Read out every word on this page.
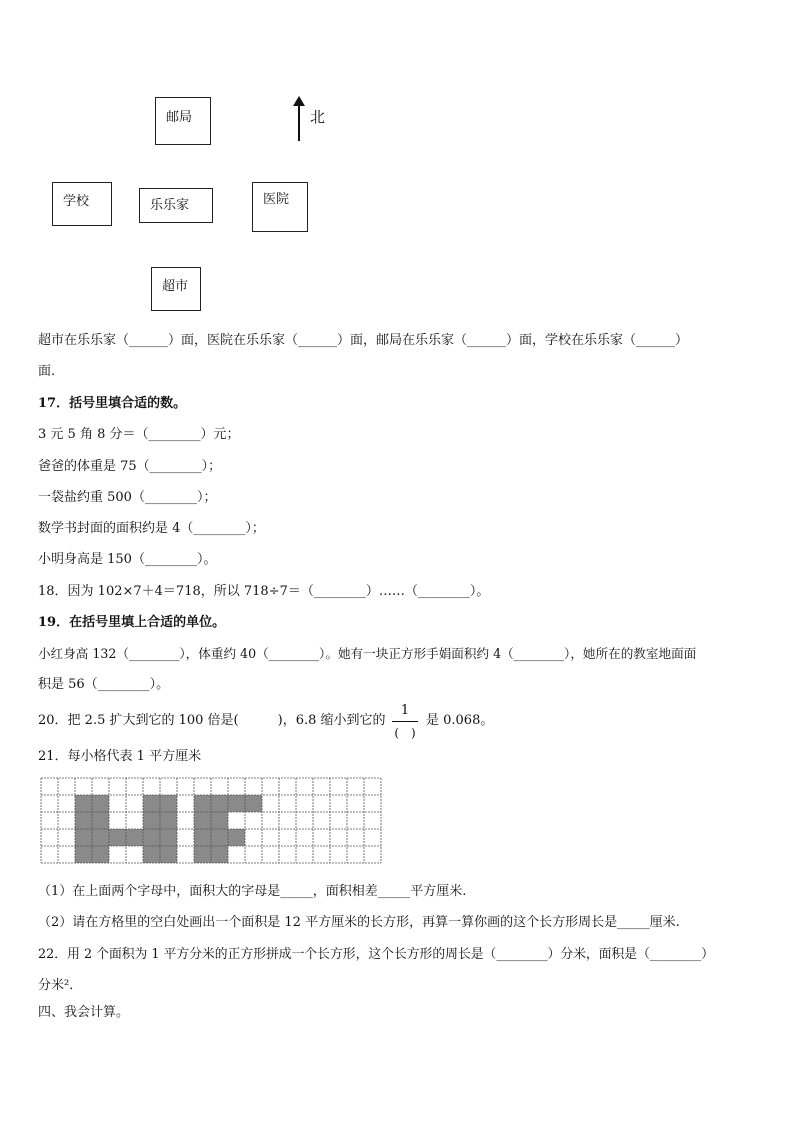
邮局
学校	乐乐家	医院
超市
北
超市在乐乐家（______）面，医院在乐乐家（______）面，邮局在乐乐家（______）面，学校在乐乐家（______）
面.
17．括号里填合适的数。
3 元 5 角 8 分＝（________）元；
爸爸的体重是 75（________）；
一袋盐约重 500（________）；
数学书封面的面积约是 4（________）；
小明身高是 150（________）。
18．因为 102×7＋4＝718，所以 718÷7＝（________）……（________）。
19．在括号里填上合适的单位。
小红身高 132（________），体重约 40（________）。她有一块正方形手娟面积约 4（________），她所在的教室地面面
积是 56（________）。
20．把 2.5 扩大到它的 100 倍是(　　　)，6.8 缩小到它的
1
(　)
是 0.068。
21．每小格代表 1 平方厘米
（1）在上面两个字母中，面积大的字母是_____，面积相差_____平方厘米.
（2）请在方格里的空白处画出一个面积是 12 平方厘米的长方形，再算一算你画的这个长方形周长是_____厘米.
22．用 2 个面积为 1 平方分米的正方形拼成一个长方形，这个长方形的周长是（________）分米，面积是（________）
分米²．
四、我会计算。
